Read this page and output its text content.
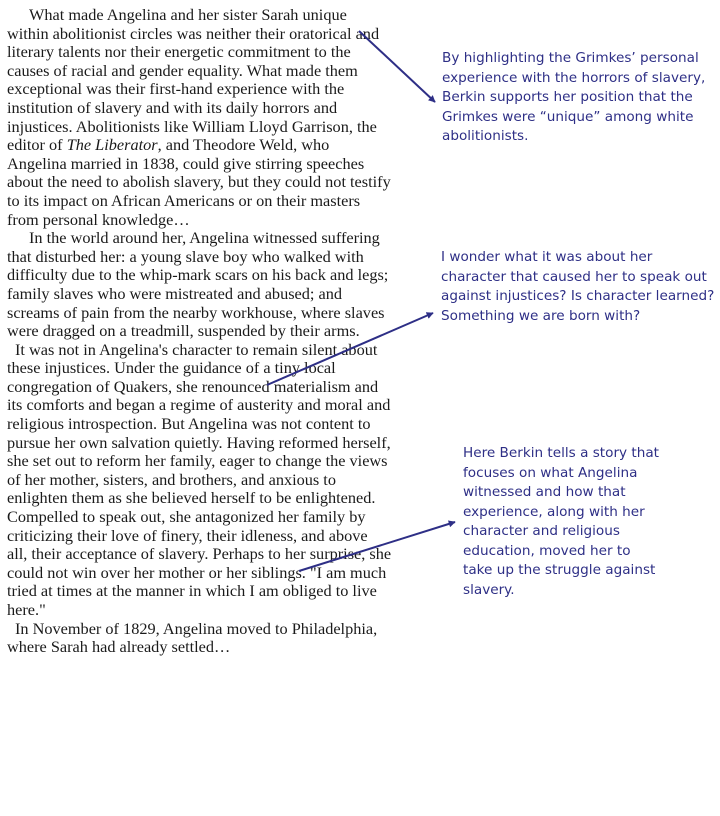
What made Angelina and her sister Sarah unique within abolitionist circles was neither their oratorical and literary talents nor their energetic commitment to the causes of racial and gender equality. What made them exceptional was their first-hand experience with the institution of slavery and with its daily horrors and injustices. Abolitionists like William Lloyd Garrison, the editor of The Liberator, and Theodore Weld, who Angelina married in 1838, could give stirring speeches about the need to abolish slavery, but they could not testify to its impact on African Americans or on their masters from personal knowledge…

In the world around her, Angelina witnessed suffering that disturbed her: a young slave boy who walked with difficulty due to the whip-mark scars on his back and legs; family slaves who were mistreated and abused; and screams of pain from the nearby workhouse, where slaves were dragged on a treadmill, suspended by their arms.

It was not in Angelina's character to remain silent about these injustices. Under the guidance of a tiny local congregation of Quakers, she renounced materialism and its comforts and began a regime of austerity and moral and religious introspection. But Angelina was not content to pursue her own salvation quietly. Having reformed herself, she set out to reform her family, eager to change the views of her mother, sisters, and brothers, and anxious to enlighten them as she believed herself to be enlightened. Compelled to speak out, she antagonized her family by criticizing their love of finery, their idleness, and above all, their acceptance of slavery. Perhaps to her surprise, she could not win over her mother or her siblings. "I am much tried at times at the manner in which I am obliged to live here."

In November of 1829, Angelina moved to Philadelphia, where Sarah had already settled…

By highlighting the Grimkes’ personal experience with the horrors of slavery, Berkin supports her position that the Grimkes were “unique” among white abolitionists.
I wonder what it was about her character that caused her to speak out against injustices? Is character learned? Something we are born with?
Here Berkin tells a story that focuses on what Angelina witnessed and how that experience, along with her character and religious education, moved her to take up the struggle against slavery.
